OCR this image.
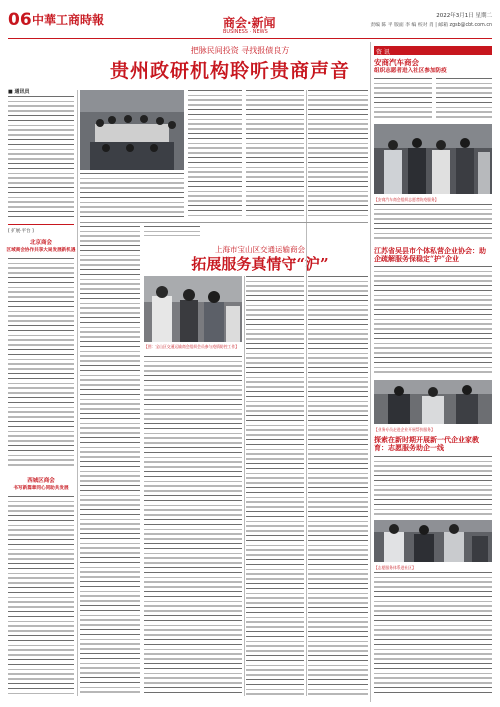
06 中華工商時報	商会·新闻
BUSINESS · NEWS
2022年3月1日 星期二
责编 陈 平 版面 李 编 校对 肖 | 邮箱 zgsb@cbt.com.cn
把脉民间投资 寻找报债良方
贵州政研机构聆听贵商声音
■ 通讯员
[ 扩展·平台 ]
北京商会
区域商会协作共享大局发展新机遇
西城区商会
书写新篇章同心同助共发展
上海市宝山区交通运输商会
拓展服务真情守“沪”
【图：宝山区交通运输商会组织会员参与疫情防控工作】
资 讯
安商汽车商会
组织志愿者进入社区参加防疫
【安商汽车商会组织志愿者防疫服务】
江苏省吴县市个体私营企业协会：助企疏解服务保稳定“护”企业
【业务专员走进企业开展帮扶服务】
探索在新时期开展新一代企业家教育：志愿服务助企一线
【志愿服务体系进社区】
